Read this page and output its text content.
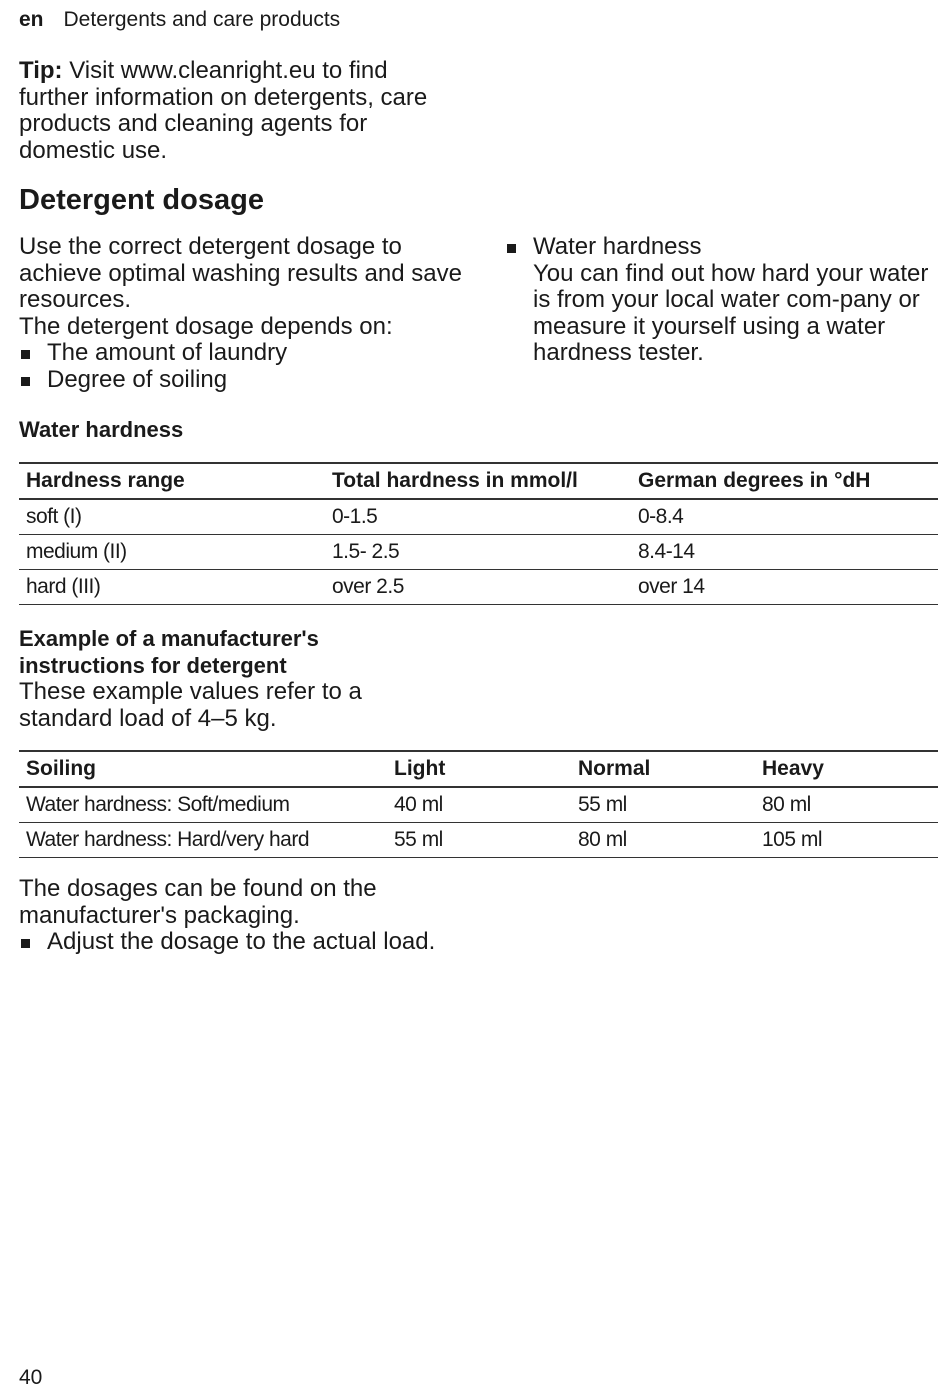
en Detergents and care products
Tip: Visit www.cleanright.eu to find further information on detergents, care products and cleaning agents for domestic use.
Detergent dosage

Use the correct detergent dosage to achieve optimal washing results and save resources.

The detergent dosage depends on:

The amount of laundry
Degree of soiling
Water hardness
You can find out how hard your water is from your local water com-pany or measure it yourself using a water hardness tester.
Water hardness
Hardness range	Total hardness in mmol/l	German degrees in °dH
soft (I)	0-1.5	0-8.4
medium (II)	1.5- 2.5	8.4-14
hard (III)	over 2.5	over 14
Example of a manufacturer's instructions for detergent
These example values refer to a standard load of 4–5 kg.
Soiling	Light	Normal	Heavy
Water hardness: Soft/medium	40 ml	55 ml	80 ml
Water hardness: Hard/very hard	55 ml	80 ml	105 ml

The dosages can be found on the manufacturer's packaging.

Adjust the dosage to the actual load.
40
